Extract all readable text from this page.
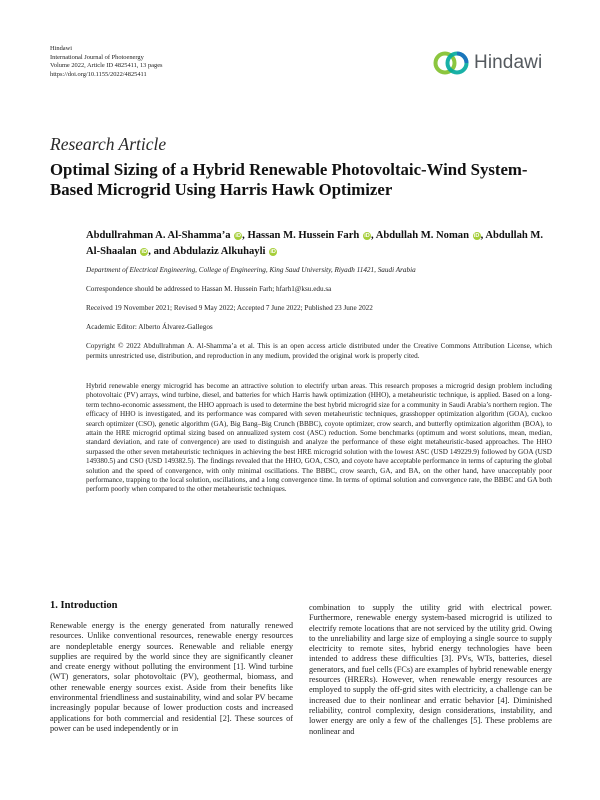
Hindawi
International Journal of Photoenergy
Volume 2022, Article ID 4825411, 13 pages
https://doi.org/10.1155/2022/4825411
Hindawi
Research Article
Optimal Sizing of a Hybrid Renewable Photovoltaic-Wind System-Based Microgrid Using Harris Hawk Optimizer
Abdullrahman A. Al-Shamma’a iD, Hassan M. Hussein Farh iD, Abdullah M. Noman iD, Abdullah M. Al-Shaalan iD, and Abdulaziz Alkuhayli iD
Department of Electrical Engineering, College of Engineering, King Saud University, Riyadh 11421, Saudi Arabia
Correspondence should be addressed to Hassan M. Hussein Farh; hfarh1@ksu.edu.sa
Received 19 November 2021; Revised 9 May 2022; Accepted 7 June 2022; Published 23 June 2022
Academic Editor: Alberto Álvarez-Gallegos

Copyright © 2022 Abdullrahman A. Al-Shamma’a et al. This is an open access article distributed under the Creative Commons Attribution License, which permits unrestricted use, distribution, and reproduction in any medium, provided the original work is properly cited.

Hybrid renewable energy microgrid has become an attractive solution to electrify urban areas. This research proposes a microgrid design problem including photovoltaic (PV) arrays, wind turbine, diesel, and batteries for which Harris hawk optimization (HHO), a metaheuristic technique, is applied. Based on a long-term techno-economic assessment, the HHO approach is used to determine the best hybrid microgrid size for a community in Saudi Arabia’s northern region. The efficacy of HHO is investigated, and its performance was compared with seven metaheuristic techniques, grasshopper optimization algorithm (GOA), cuckoo search optimizer (CSO), genetic algorithm (GA), Big Bang–Big Crunch (BBBC), coyote optimizer, crow search, and butterfly optimization algorithm (BOA), to attain the HRE microgrid optimal sizing based on annualized system cost (ASC) reduction. Some benchmarks (optimum and worst solutions, mean, median, standard deviation, and rate of convergence) are used to distinguish and analyze the performance of these eight metaheuristic-based approaches. The HHO surpassed the other seven metaheuristic techniques in achieving the best HRE microgrid solution with the lowest ASC (USD 149229.9) followed by GOA (USD 149380.5) and CSO (USD 149382.5). The findings revealed that the HHO, GOA, CSO, and coyote have acceptable performance in terms of capturing the global solution and the speed of convergence, with only minimal oscillations. The BBBC, crow search, GA, and BA, on the other hand, have unacceptably poor performance, trapping to the local solution, oscillations, and a long convergence time. In terms of optimal solution and convergence rate, the BBBC and GA both perform poorly when compared to the other metaheuristic techniques.

1. Introduction

Renewable energy is the energy generated from naturally renewed resources. Unlike conventional resources, renewable energy resources are nondepletable energy sources. Renewable and reliable energy supplies are required by the world since they are significantly cleaner and create energy without polluting the environment [1]. Wind turbine (WT) generators, solar photovoltaic (PV), geothermal, biomass, and other renewable energy sources exist. Aside from their benefits like environmental friendliness and sustainability, wind and solar PV became increasingly popular because of lower production costs and increased applications for both commercial and residential [2]. These sources of power can be used independently or in

combination to supply the utility grid with electrical power. Furthermore, renewable energy system-based microgrid is utilized to electrify remote locations that are not serviced by the utility grid. Owing to the unreliability and large size of employing a single source to supply electricity to remote sites, hybrid energy technologies have been intended to address these difficulties [3]. PVs, WTs, batteries, diesel generators, and fuel cells (FCs) are examples of hybrid renewable energy resources (HRERs). However, when renewable energy resources are employed to supply the off-grid sites with electricity, a challenge can be increased due to their nonlinear and erratic behavior [4]. Diminished reliability, control complexity, design considerations, instability, and lower energy are only a few of the challenges [5]. These problems are nonlinear and
